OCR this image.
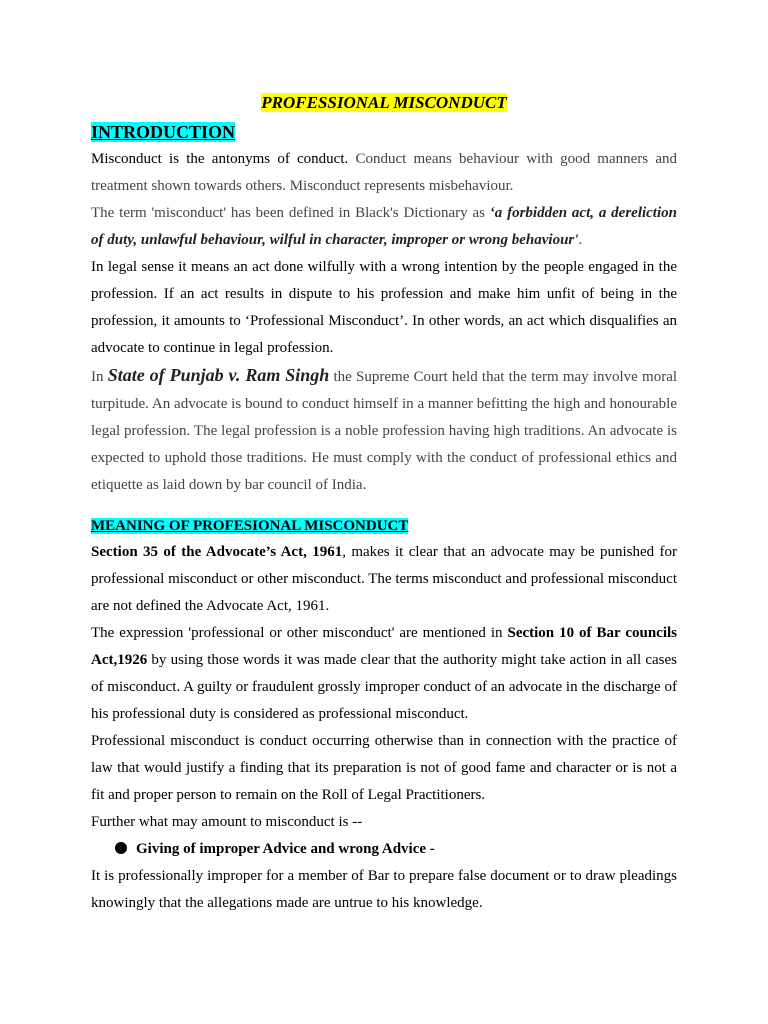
PROFESSIONAL MISCONDUCT
INTRODUCTION

Misconduct is the antonyms of conduct. Conduct means behaviour with good manners and treatment shown towards others. Misconduct represents misbehaviour.

The term 'misconduct' has been defined in Black's Dictionary as ‘a forbidden act, a dereliction of duty, unlawful behaviour, wilful in character, improper or wrong behaviour'.

In legal sense it means an act done wilfully with a wrong intention by the people engaged in the profession. If an act results in dispute to his profession and make him unfit of being in the profession, it amounts to ‘Professional Misconduct’. In other words, an act which disqualifies an advocate to continue in legal profession.

In State of Punjab v. Ram Singh the Supreme Court held that the term may involve moral turpitude. An advocate is bound to conduct himself in a manner befitting the high and honourable legal profession. The legal profession is a noble profession having high traditions. An advocate is expected to uphold those traditions. He must comply with the conduct of professional ethics and etiquette as laid down by bar council of India.

MEANING OF PROFESIONAL MISCONDUCT

Section 35 of the Advocate’s Act, 1961, makes it clear that an advocate may be punished for professional misconduct or other misconduct. The terms misconduct and professional misconduct are not defined the Advocate Act, 1961.

The expression 'professional or other misconduct' are mentioned in Section 10 of Bar councils Act,1926 by using those words it was made clear that the authority might take action in all cases of misconduct. A guilty or fraudulent grossly improper conduct of an advocate in the discharge of his professional duty is considered as professional misconduct.

Professional misconduct is conduct occurring otherwise than in connection with the practice of law that would justify a finding that its preparation is not of good fame and character or is not a fit and proper person to remain on the Roll of Legal Practitioners.

Further what may amount to misconduct is --

Giving of improper Advice and wrong Advice -

It is professionally improper for a member of Bar to prepare false document or to draw pleadings knowingly that the allegations made are untrue to his knowledge.
